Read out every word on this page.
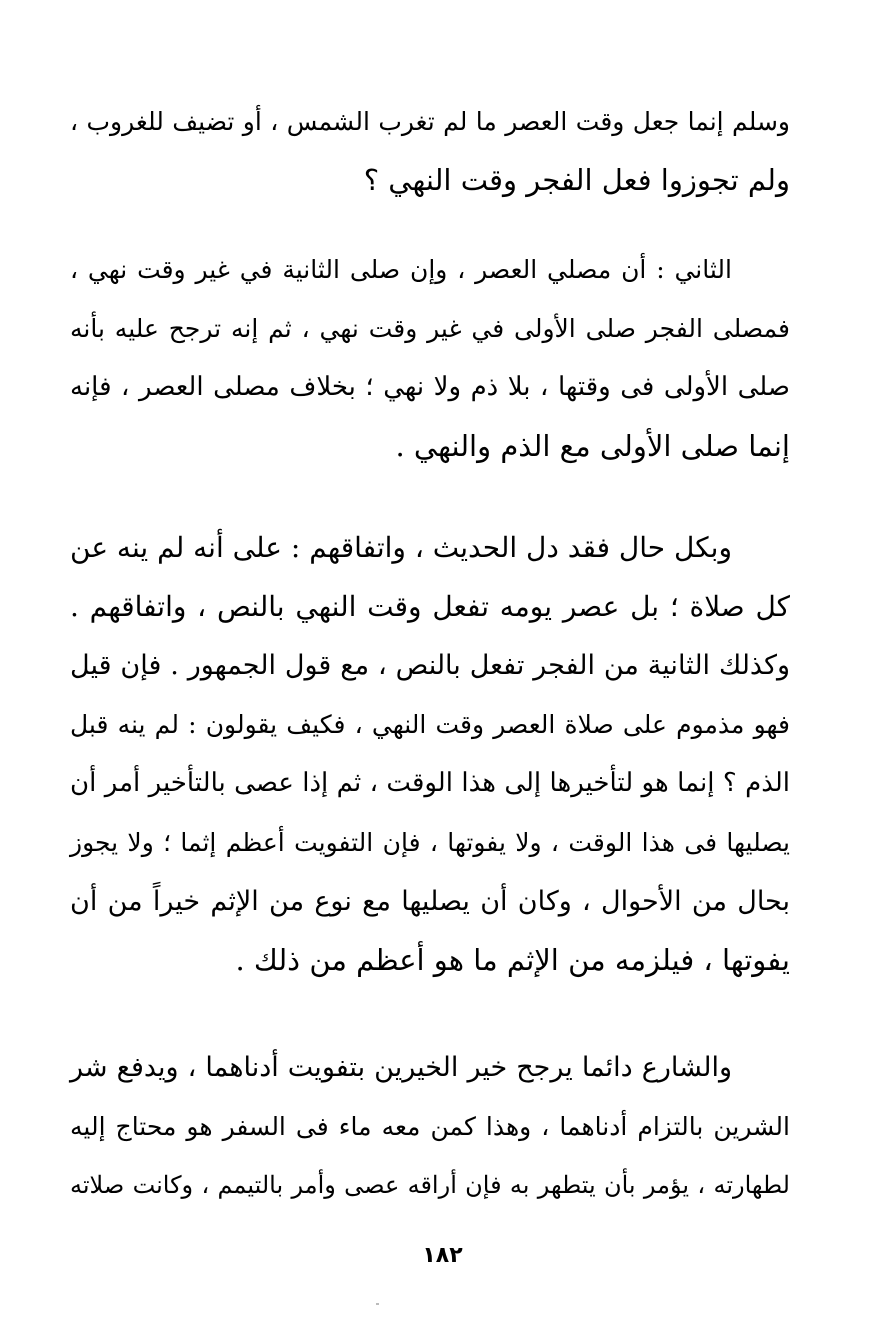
وسلم إنما جعل وقت العصر ما لم تغرب الشمس ، أو تضيف للغروب ،
ولم تجوزوا فعل الفجر وقت النهي ؟
الثاني : أن مصلي العصر ، وإن صلى الثانية في غير وقت نهي ،
فمصلى الفجر صلى الأولى في غير وقت نهي ، ثم إنه ترجح عليه بأنه
صلى الأولى فى وقتها ، بلا ذم ولا نهي ؛ بخلاف مصلى العصر ، فإنه
إنما صلى الأولى مع الذم والنهي .
وبكل حال فقد دل الحديث ، واتفاقهم : على أنه لم ينه عن
كل صلاة ؛ بل عصر يومه تفعل وقت النهي بالنص ، واتفاقهم .
وكذلك الثانية من الفجر تفعل بالنص ، مع قول الجمهور . فإن قيل
فهو مذموم على صلاة العصر وقت النهي ، فكيف يقولون : لم ينه قبل
الذم ؟ إنما هو لتأخيرها إلى هذا الوقت ، ثم إذا عصى بالتأخير أمر أن
يصليها فى هذا الوقت ، ولا يفوتها ، فإن التفويت أعظم إثما ؛ ولا يجوز
بحال من الأحوال ، وكان أن يصليها مع نوع من الإثم خيراً من أن
يفوتها ، فيلزمه من الإثم ما هو أعظم من ذلك .
والشارع دائما يرجح خير الخيرين بتفويت أدناهما ، ويدفع شر
الشرين بالتزام أدناهما ، وهذا كمن معه ماء فى السفر هو محتاج إليه
لطهارته ، يؤمر بأن يتطهر به فإن أراقه عصى وأمر بالتيمم ، وكانت صلاته
١٨٢
